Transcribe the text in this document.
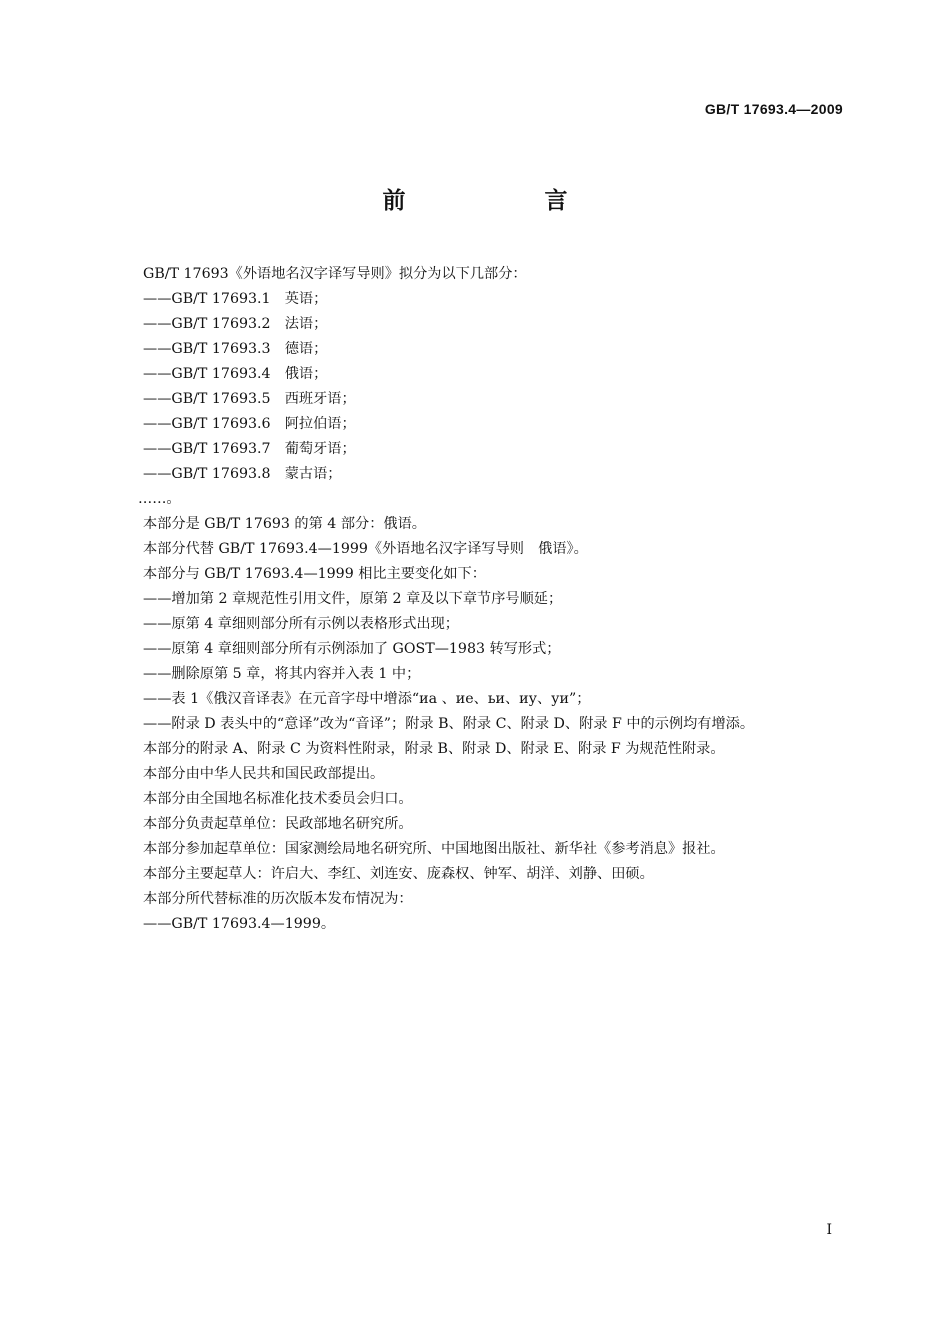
GB/T 17693.4—2009
前　言
GB/T 17693《外语地名汉字译写导则》拟分为以下几部分：
——GB/T 17693.1　英语；
——GB/T 17693.2　法语；
——GB/T 17693.3　德语；
——GB/T 17693.4　俄语；
——GB/T 17693.5　西班牙语；
——GB/T 17693.6　阿拉伯语；
——GB/T 17693.7　葡萄牙语；
——GB/T 17693.8　蒙古语；
……。
本部分是 GB/T 17693 的第 4 部分：俄语。
本部分代替 GB/T 17693.4—1999《外语地名汉字译写导则　俄语》。
本部分与 GB/T 17693.4—1999 相比主要变化如下：
——增加第 2 章规范性引用文件，原第 2 章及以下章节序号顺延；
——原第 4 章细则部分所有示例以表格形式出现；
——原第 4 章细则部分所有示例添加了 GOST—1983 转写形式；
——删除原第 5 章，将其内容并入表 1 中；
——表 1《俄汉音译表》在元音字母中增添“иа 、ие、ьи、иу、уи”；
——附录 D 表头中的“意译”改为“音译”；附录 B、附录 C、附录 D、附录 F 中的示例均有增添。
本部分的附录 A、附录 C 为资料性附录，附录 B、附录 D、附录 E、附录 F 为规范性附录。
本部分由中华人民共和国民政部提出。
本部分由全国地名标准化技术委员会归口。
本部分负责起草单位：民政部地名研究所。
本部分参加起草单位：国家测绘局地名研究所、中国地图出版社、新华社《参考消息》报社。
本部分主要起草人：许启大、李红、刘连安、庞森权、钟军、胡洋、刘静、田硕。
本部分所代替标准的历次版本发布情况为：
——GB/T 17693.4—1999。
I
